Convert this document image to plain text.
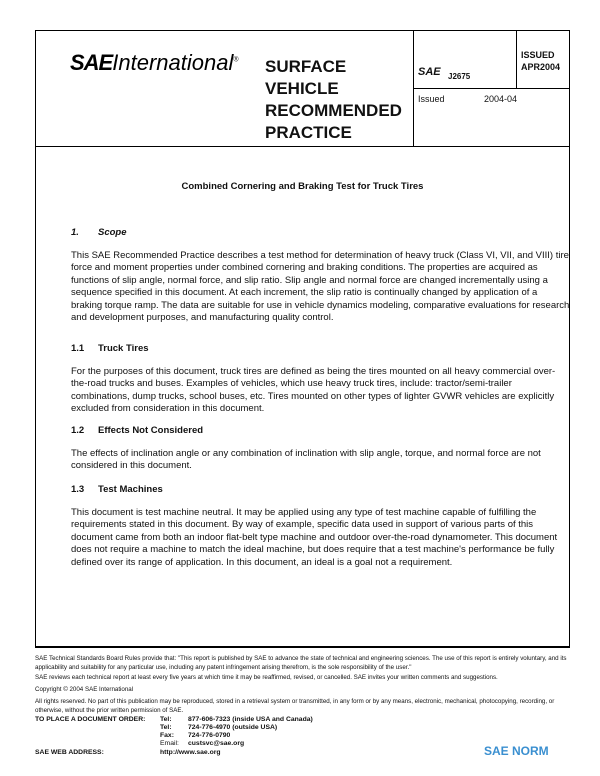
SAEInternational® SURFACE
VEHICLE
RECOMMENDED
PRACTICE
SAE J2675
ISSUED
APR2004
Issued	2004-04
Combined Cornering and Braking Test for Truck Tires
1. Scope
This SAE Recommended Practice describes a test method for determination of heavy truck (Class VI, VII, and VIII) tire force and moment properties under combined cornering and braking conditions. The properties are acquired as functions of slip angle, normal force, and slip ratio. Slip angle and normal force are changed incrementally using a sequence specified in this document. At each increment, the slip ratio is continually changed by application of a braking torque ramp. The data are suitable for use in vehicle dynamics modeling, comparative evaluations for research and development purposes, and manufacturing quality control.
1.1 Truck Tires
For the purposes of this document, truck tires are defined as being the tires mounted on all heavy commercial over-the-road trucks and buses. Examples of vehicles, which use heavy truck tires, include: tractor/semi-trailer combinations, dump trucks, school buses, etc. Tires mounted on other types of lighter GVWR vehicles are explicitly excluded from consideration in this document.
1.2 Effects Not Considered
The effects of inclination angle or any combination of inclination with slip angle, torque, and normal force are not considered in this document.
1.3 Test Machines
This document is test machine neutral. It may be applied using any type of test machine capable of fulfilling the requirements stated in this document. By way of example, specific data used in support of various parts of this document came from both an indoor flat-belt type machine and outdoor over-the-road dynamometer. This document does not require a machine to match the ideal machine, but does require that a test machine's performance be fully defined over its range of application. In this document, an ideal is a goal not a requirement.
SAE Technical Standards Board Rules provide that: "This report is published by SAE to advance the state of technical and engineering sciences. The use of this report is entirely voluntary, and its applicability and suitability for any particular use, including any patent infringement arising therefrom, is the sole responsibility of the user."
SAE reviews each technical report at least every five years at which time it may be reaffirmed, revised, or cancelled. SAE invites your written comments and suggestions.
Copyright © 2004 SAE International
All rights reserved. No part of this publication may be reproduced, stored in a retrieval system or transmitted, in any form or by any means, electronic, mechanical, photocopying, recording, or otherwise, without the prior written permission of SAE.
TO PLACE A DOCUMENT ORDER: Tel: 877-606-7323 (inside USA and Canada)
Tel: 724-776-4970 (outside USA)
Fax: 724-776-0790
Email: custsvc@sae.org
SAE WEB ADDRESS:	http://www.sae.org	SAE NORM
